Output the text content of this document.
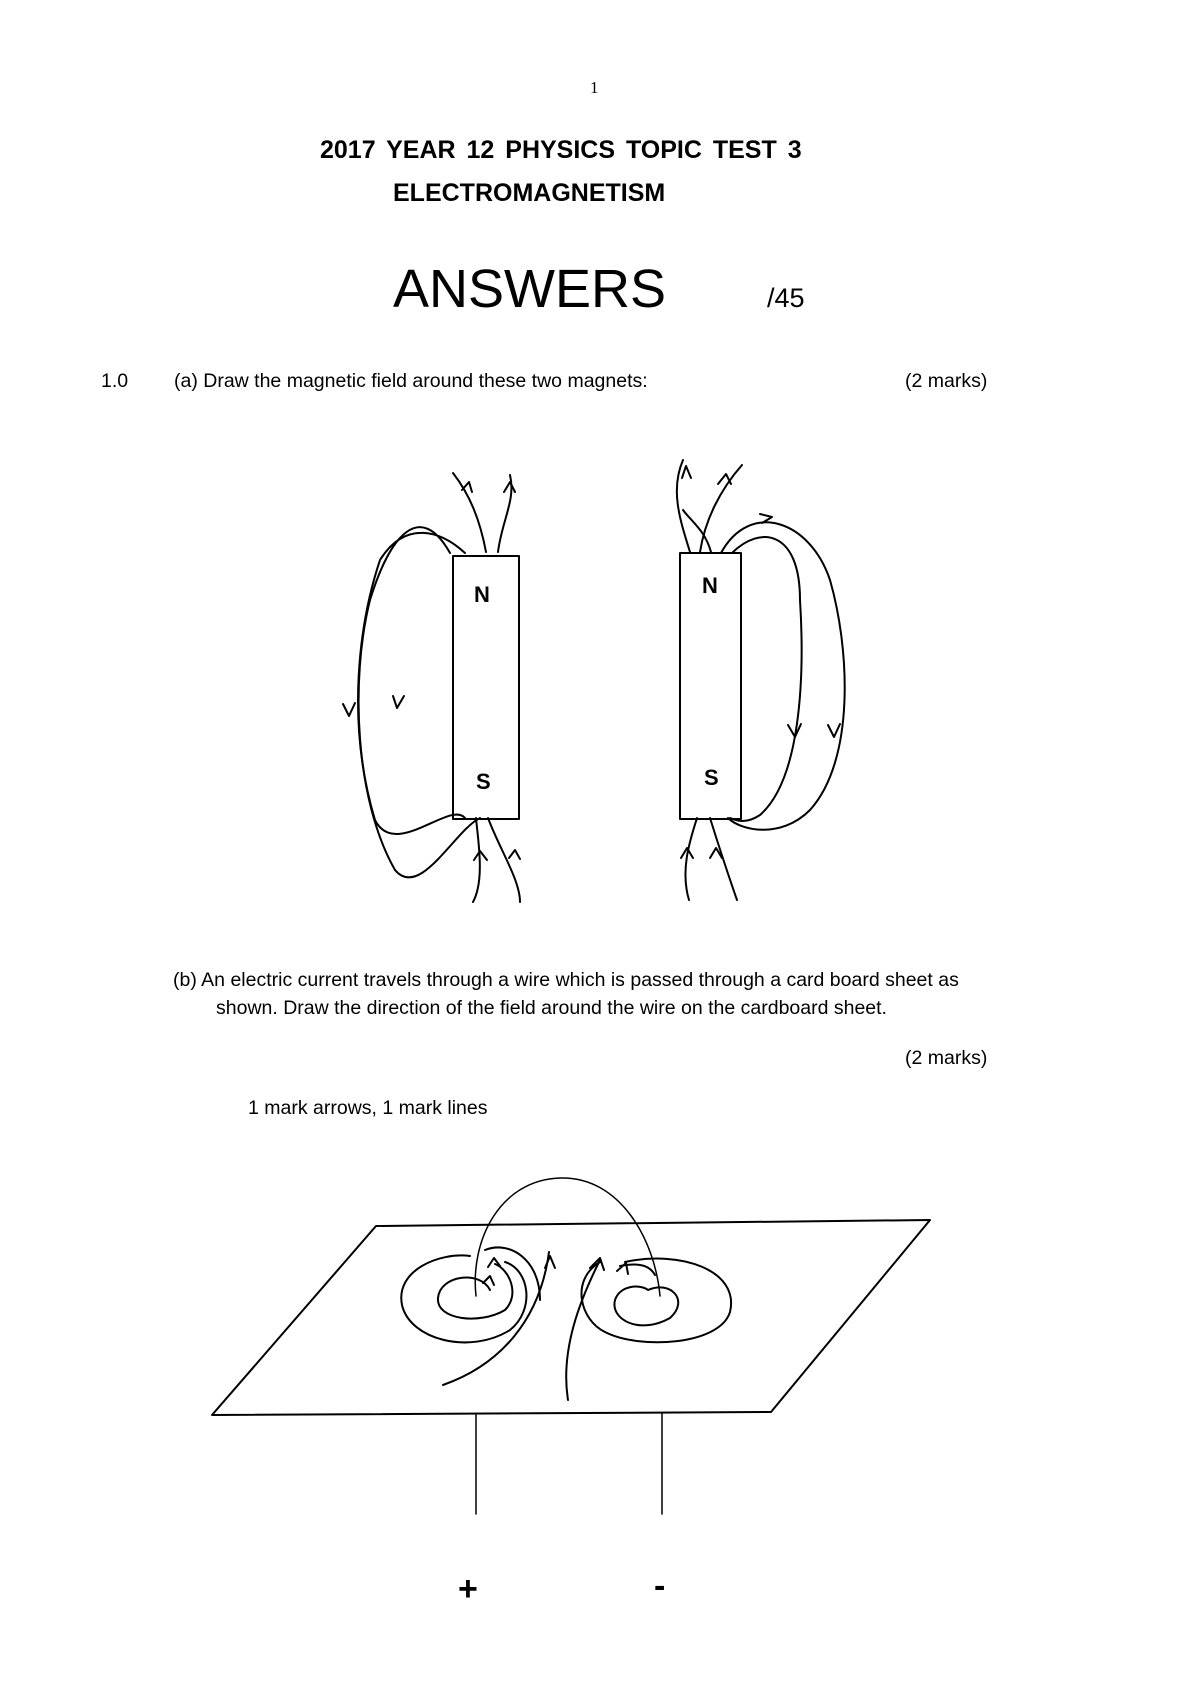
1
2017 YEAR 12 PHYSICS TOPIC TEST 3
ELECTROMAGNETISM
ANSWERS	/45
1.0 (a) Draw the magnetic field around these two magnets:	(2 marks)
N
S
N
S
+	-
(b) An electric current travels through a wire which is passed through a card board sheet as
shown. Draw the direction of the field around the wire on the cardboard sheet.
(2 marks)
1 mark arrows, 1 mark lines
